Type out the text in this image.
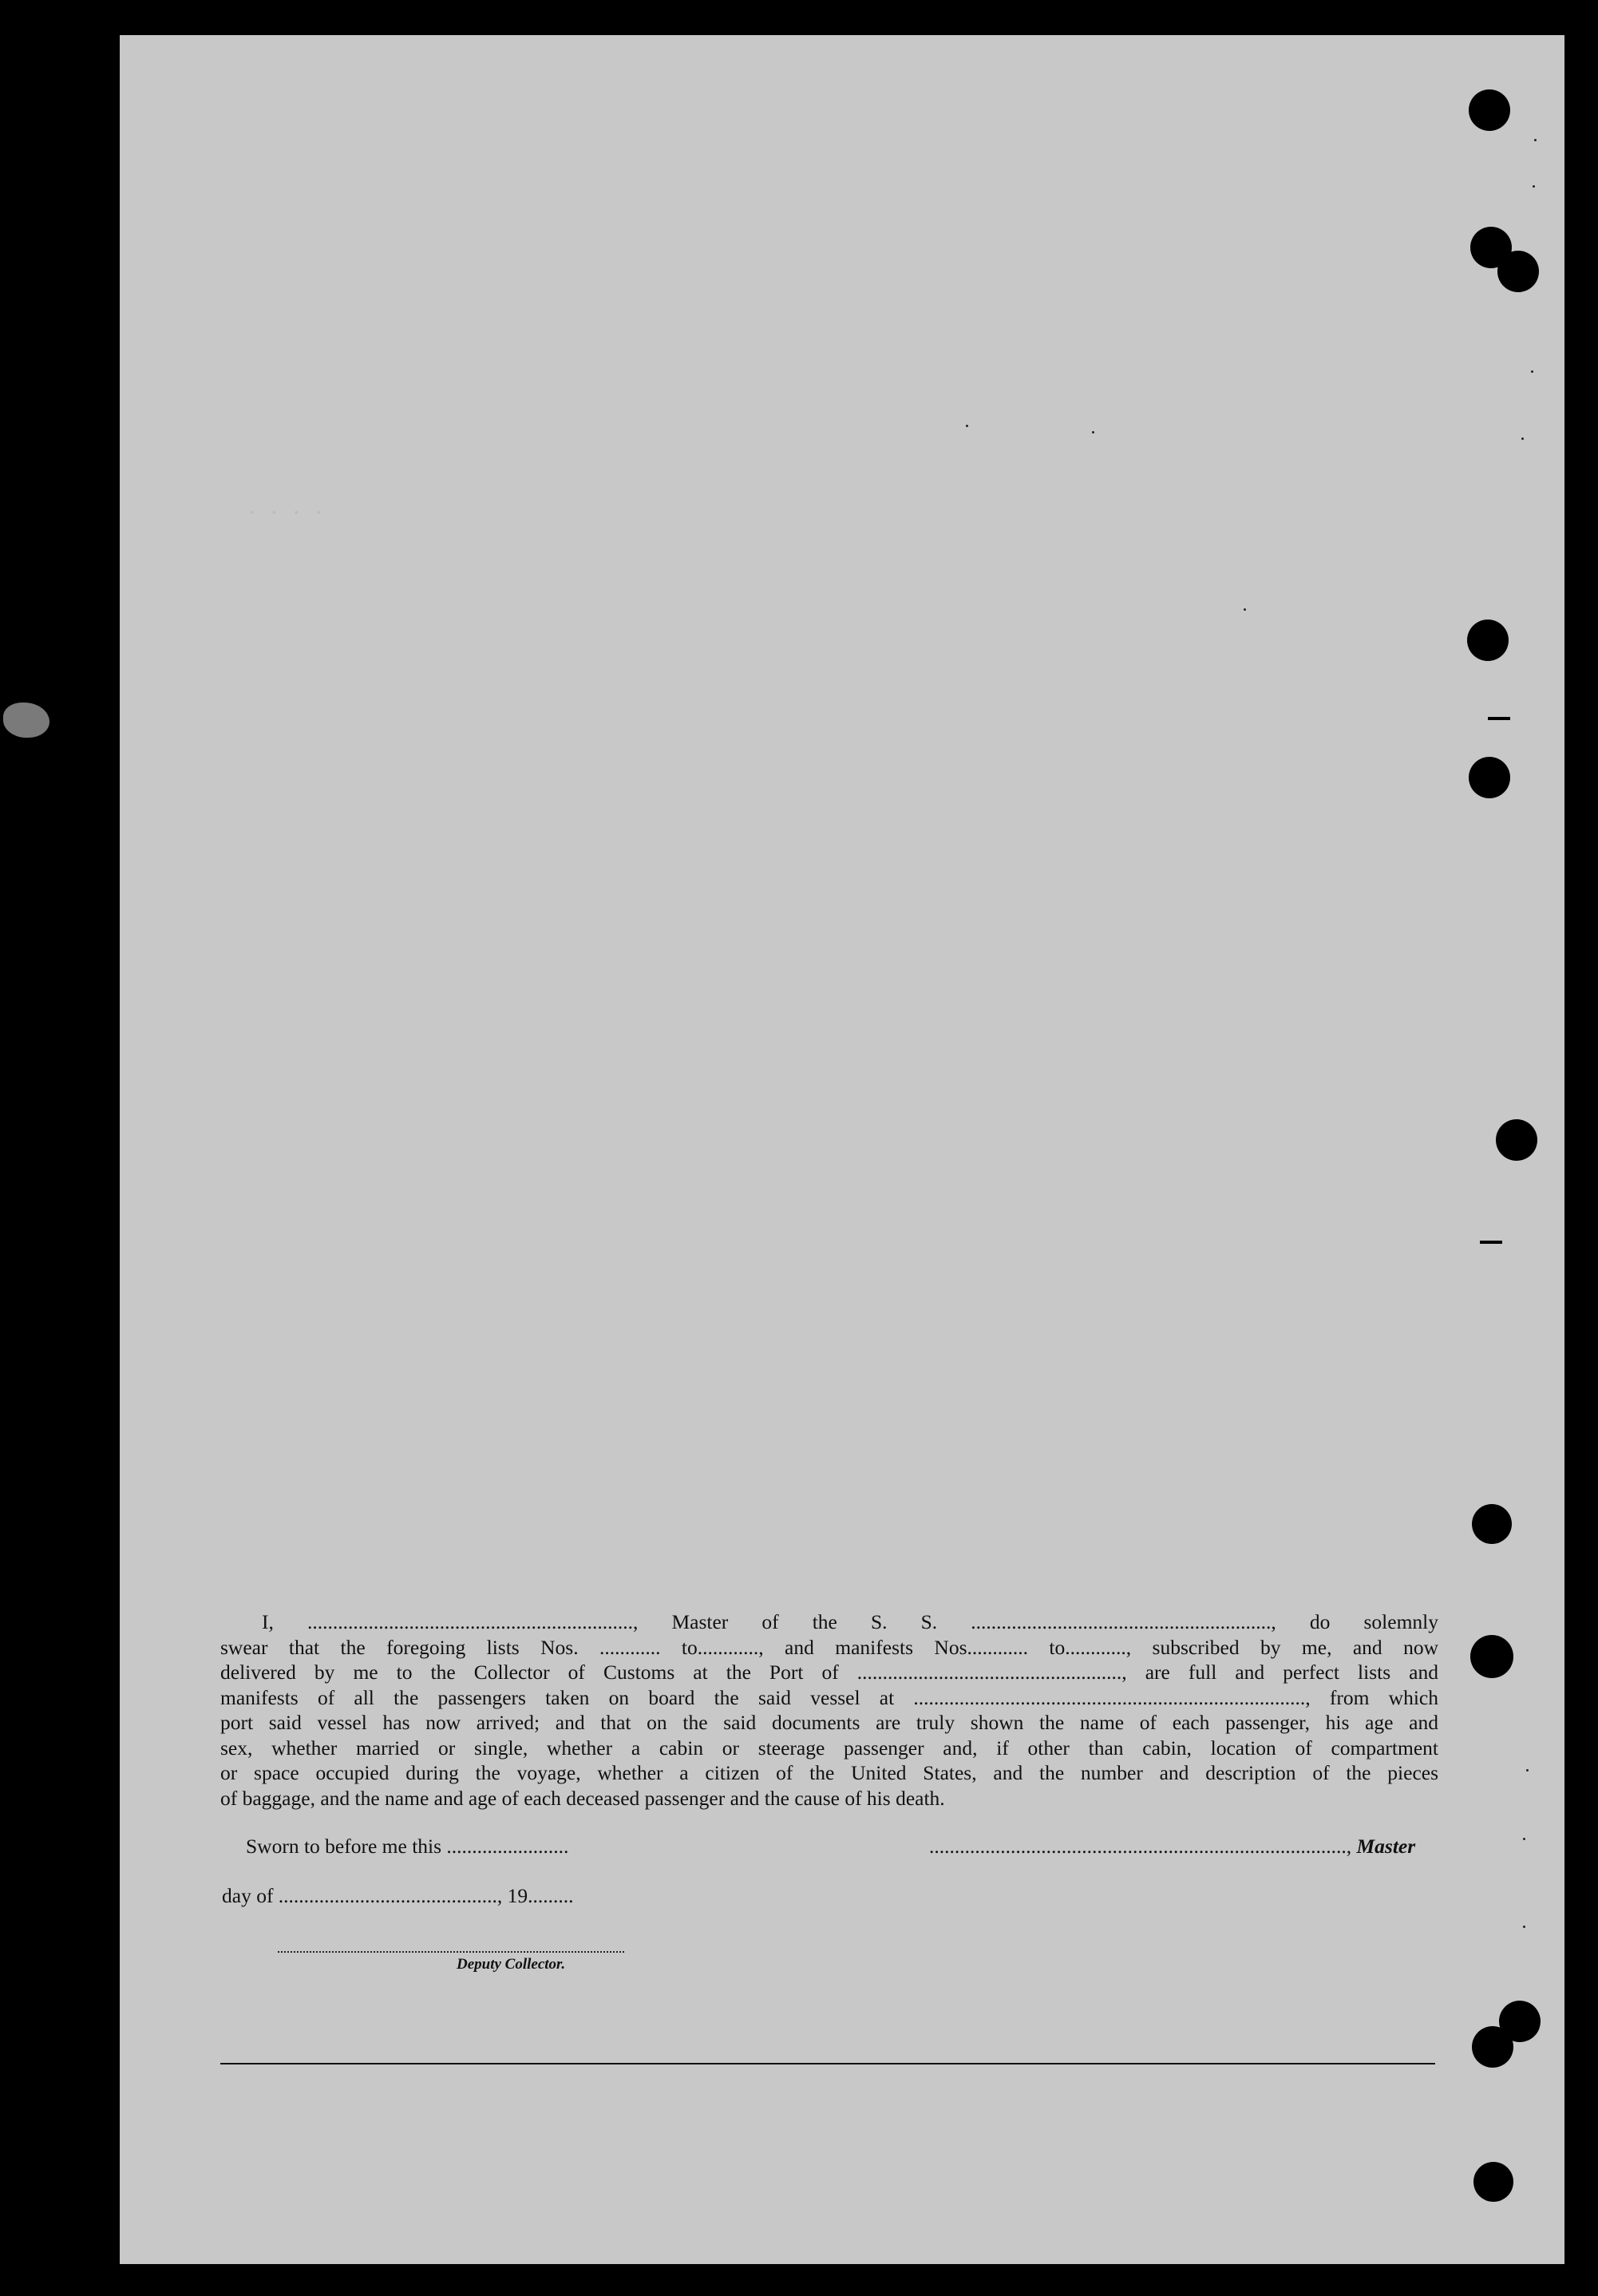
· · · ·

I, ................................................................, Master of the S. S. ..........................................................., do solemnly

swear that the foregoing lists Nos. ............ to............, and manifests Nos............ to............, subscribed by me, and now

delivered by me to the Collector of Customs at the Port of ...................................................., are full and perfect lists and

manifests of all the passengers taken on board the said vessel at ............................................................................., from which

port said vessel has now arrived; and that on the said documents are truly shown the name of each passenger, his age and

sex, whether married or single, whether a cabin or steerage passenger and, if other than cabin, location of compartment

or space occupied during the voyage, whether a citizen of the United States, and the number and description of the pieces

of baggage, and the name and age of each deceased passenger and the cause of his death.

Sworn to before me this ........................	.................................................................................., Master
day of ..........................................., 19.........
Deputy Collector.
